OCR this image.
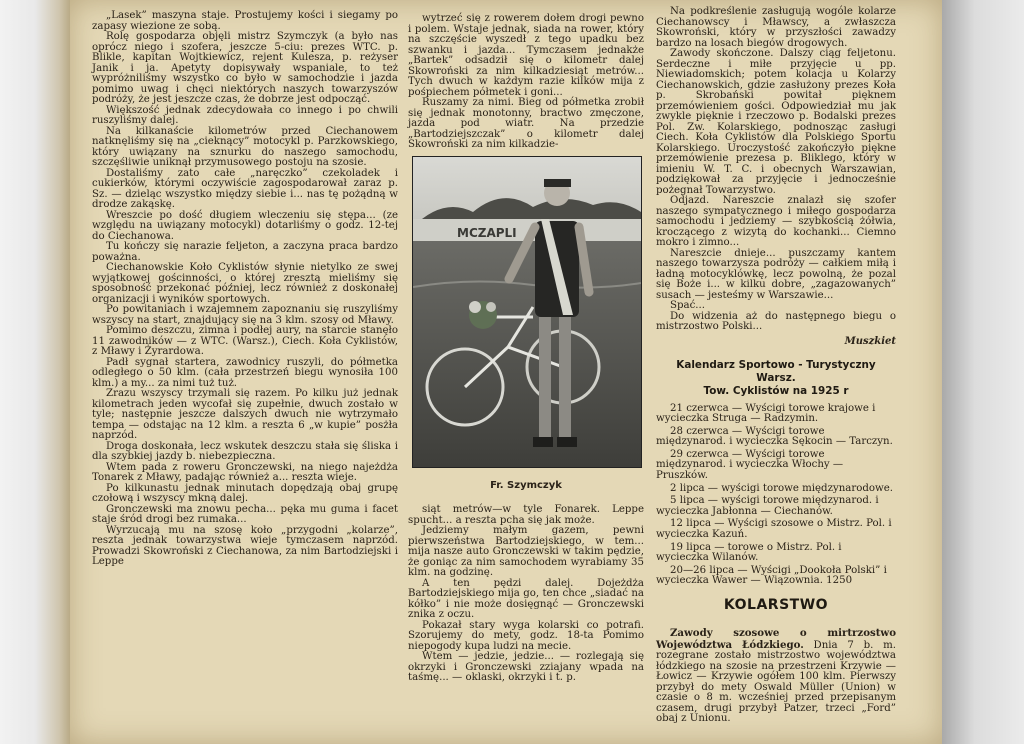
„Lasek” maszyna staje. Prostujemy kości i siegamy po zapasy wiezione ze sobą.

Rolę gospodarza objęli mistrz Szymczyk (a było nas oprócz niego i szofera, jeszcze 5-ciu: prezes WTC. p. Blikle, kapitan Wojtkiewicz, rejent Kulesza, p. reżyser Janik i ja. Apetyty dopisywały wspaniale, to też wypróżniliśmy wszystko co było w samochodzie i jazda pomimo uwag i chęci niektórych naszych towarzyszów podróży, że jest jeszcze czas, że dobrze jest odpocząć.

Większość jednak zdecydowała co innego i po chwili ruszyliśmy dalej.

Na kilkanaście kilometrów przed Ciechanowem natknęliśmy się na „cieknący” motocykl p. Parzkowskiego, który uwiązany na sznurku do naszego samochodu, szczęśliwie uniknął przymusowego postoju na szosie.

Dostaliśmy zato całe „naręczko” czekoladek i cukierków, którymi oczywiście zagospodarował zaraz p. Sz. — dzieląc wszystko między siebie i... nas tę pożądną w drodze zakąskę.

Wreszcie po dość długiem wleczeniu się stępa... (ze względu na uwiązany motocykl) dotarliśmy o godz. 12-tej do Ciechanowa.

Tu kończy się narazie feljeton, a zaczyna praca bardzo poważna.

Ciechanowskie Koło Cyklistów słynie nietylko ze swej wyjątkowej gościnności, o której zresztą mieliśmy się sposobność przekonać później, lecz również z doskonałej organizacji i wyników sportowych.

Po powitaniach i wzajemnem zapoznaniu się ruszyliśmy wszyscy na start, znajdujący się na 3 klm. szosy od Mławy.

Pomimo deszczu, zimna i podłej aury, na starcie stanęło 11 zawodników — z WTC. (Warsz.), Ciech. Koła Cyklistów, z Mławy i Żyrardowa.

Padł sygnał startera, zawodnicy ruszyli, do półmetka odległego o 50 klm. (cała przestrzeń biegu wynosiła 100 klm.) a my... za nimi tuż tuż.

Zrazu wszyscy trzymali się razem. Po kilku już jednak kilometrach jeden wycofał się zupełnie, dwuch zostało w tyle; następnie jeszcze dalszych dwuch nie wytrzymało tempa — odstając na 12 klm. a reszta 6 „w kupie” posżła naprzód.

Droga doskonała, lecz wskutek deszczu stała się śliska i dla szybkiej jazdy b. niebezpieczna.

Wtem pada z roweru Gronczewski, na niego najeżdża Tonarek z Mławy, padając również a... reszta wieje.

Po kilkunastu jednak minutach dopędzają obaj grupę czołową i wszyscy mkną dalej.

Gronczewski ma znowu pecha... pęka mu guma i facet staje śród drogi bez rumaka...

Wyrzucają mu na szosę koło „przygodni „kolarze”, reszta jednak towarzystwa wieje tymczasem naprzód. Prowadzi Skowroński z Ciechanowa, za nim Bartodziejski i Leppe

wytrzeć się z rowerem dołem drogi pewno i polem. Wstaje jednak, siada na rower, który na szczęście wyszedł z tego upadku bez szwanku i jazda... Tymczasem jednakże „Bartek” odsadził się o kilometr dalej Skowroński za nim kilkadziesiąt metrów... Tych dwuch w każdym razie kilków mija z pośpiechem półmetek i goni...

Ruszamy za nimi. Bieg od półmetka zrobił się jednak monotonny, bractwo zmęczone, jazda pod wiatr. Na przedzie „Bartodziejszczak” o kilometr dalej Skowroński za nim kilkadzie-

MCZAPLI
Fr. Szymczyk

siąt metrów—w tyle Fonarek. Leppe spucht... a reszta pcha się jak może.

Jedziemy małym gazem, pewni pierwszeństwa Bartodziejskiego, w tem... mija nasze auto Gronczewski w takim pędzie, że goniąc za nim samochodem wyrabiamy 35 klm. na godzinę.

A ten pędzi dalej. Dojeżdża Bartodziejskiego mija go, ten chce „siadać na kółko” i nie może dosięgnąć — Gronczewski znika z oczu.

Pokazał stary wyga kolarski co potrafi. Szorujemy do mety, godz. 18-ta Pomimo niepogody kupa ludzi na mecie.

Wtem — jedzie, jedzie... — rozlegają się okrzyki i Gronczewski zziajany wpada na taśmę... — oklaski, okrzyki i t. p.

Na podkreślenie zasługują wogóle kolarze Ciechanowscy i Mławscy, a zwłaszcza Skowroński, który w przyszłości zawadzy bardzo na losach biegów drogowych.

Zawody skończone. Dalszy ciąg feljetonu. Serdeczne i miłe przyjęcie u pp. Niewiadomskich; potem kolacja u Kolarzy Ciechanowskich, gdzie zasłużony prezes Koła p. Skrobański powitał pięknem przemówieniem gości. Odpowiedział mu jak zwykle pięknie i rzeczowo p. Bodalski prezes Pol. Zw. Kolarskiego, podnosząc zasługi Ciech. Koła Cyklistów dla Polskiego Sportu Kolarskiego. Uroczystość zakończyło piękne przemówienie prezesa p. Bliklego, który w imieniu W. T. C. i obecnych Warszawian, podziękował za przyjęcie i jednocześnie pożegnał Towarzystwo.

Odjazd. Nareszcie znalazł się szofer naszego sympatycznego i miłego gospodarza samochodu i jedziemy — szybkością żółwia, kroczącego z wizytą do kochanki... Ciemno mokro i zimno...

Nareszcie dnieje... puszczamy kantem naszego towarzysza podróży — całkiem miłą i ładną motocyklówkę, lecz powolną, że pozal się Boże i... w kilku dobre, „zagazowanych” susach — jesteśmy w Warszawie...

Spać...

Do widzenia aż do następnego biegu o mistrzostwo Polski...

Muszkiet
Kalendarz Sportowo - Turystyczny Warsz.
Tow. Cyklistów na 1925 r
21 czerwca — Wyścigi torowe krajowe i wycieczka Struga — Radzymin.
28 czerwca — Wyścigi torowe międzynarod. i wycieczka Sękocin — Tarczyn.
29 czerwca — Wyścigi torowe międzynarod. i wycieczka Włochy — Pruszków.
2 lipca — wyścigi torowe międzynarodowe.
5 lipca — wyścigi torowe międzynarod. i wycieczka Jabłonna — Ciechanów.
12 lipca — Wyścigi szosowe o Mistrz. Pol. i wycieczka Kazuń.
19 lipca — torowe o Mistrz. Pol. i wycieczka Wilanów.
20—26 lipca — Wyścigi „Dookoła Polski” i wycieczka Wawer — Wiązownia. 1250
KOLARSTWO

Zawody szosowe o mirtrzostwo Województwa Łódzkiego. Dnia 7 b. m. rozegrane zostało mistrzostwo województwa łódzkiego na szosie na przestrzeni Krzywie — Łowicz — Krzywie ogółem 100 klm. Pierwszy przybył do mety Oswald Müller (Union) w czasie o 8 m. wcześniej przed przepisanym czasem, drugi przybył Patzer, trzeci „Ford” obaj z Unionu.
